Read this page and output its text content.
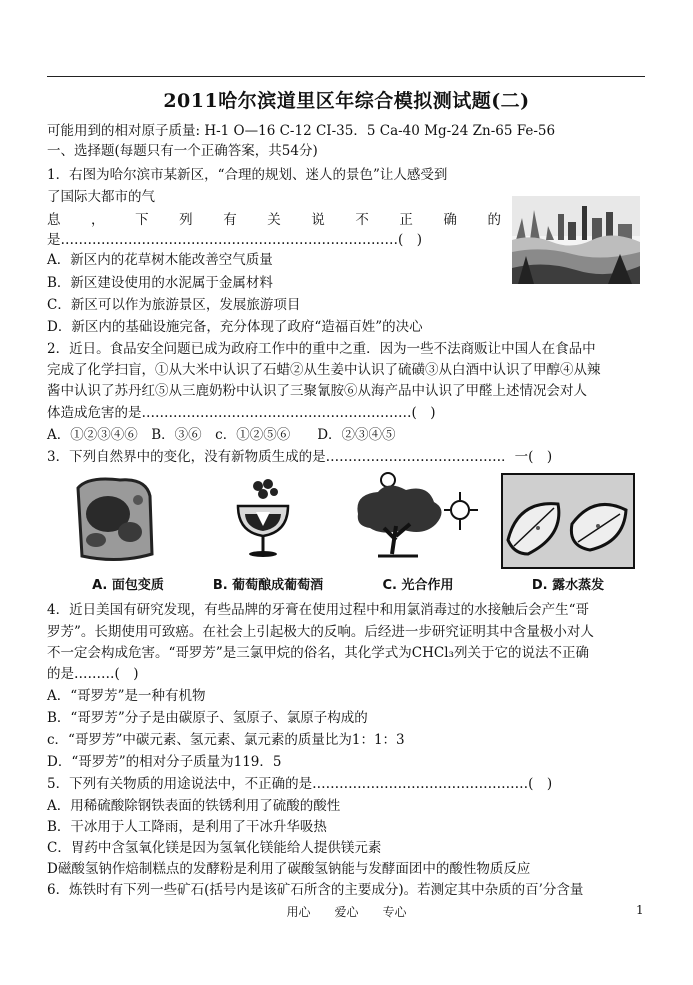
2011哈尔滨道里区年综合模拟测试题(二)
可能用到的相对原子质量: H-1 O—16 C-12 CI-35．5 Ca-40 Mg-24 Zn-65 Fe-56
一、选择题(每题只有一个正确答案，共54分)
1．右图为哈尔滨市某新区，“合理的规划、迷人的景色”让人感受到
了国际大都市的气
息 ， 下 列 有 关 说 不 正 确 的
是…………………………………………………………………(　)
A．新区内的花草树木能改善空气质量
B．新区建设使用的水泥属于金属材料
C．新区可以作为旅游景区，发展旅游项目
D．新区内的基础设施完备，充分体现了政府“造福百姓”的决心
2．近日。食品安全问题已成为政府工作中的重中之重．因为一些不法商贩让中国人在食品中
完成了化学扫盲，①从大米中认识了石蜡②从生姜中认识了硫磺③从白酒中认识了甲醇④从辣
酱中认识了苏丹红⑤从三鹿奶粉中认识了三聚氰胺⑥从海产品中认识了甲醛上述情况会对人
体造成危害的是……………………………………………………(　)
A．①②③④⑥　B．③⑥　c．①②⑤⑥　　D．②③④⑤
3．下列自然界中的变化，没有新物质生成的是…………………………………．一(　)
A. 面包变质	B. 葡萄酿成葡萄酒	C. 光合作用	D. 露水蒸发
4．近日美国有研究发现，有些品牌的牙膏在使用过程中和用氯消毒过的水接触后会产生“哥
罗芳”。长期使用可致癌。在社会上引起极大的反响。后经进一步研究证明其中含量极小对人
不一定会构成危害。“哥罗芳”是三氯甲烷的俗名，其化学式为CHCl₃列关于它的说法不正确
的是………(　)
A．“哥罗芳”是一种有机物
B．“哥罗芳”分子是由碳原子、氢原子、氯原子构成的
c．“哥罗芳”中碳元素、氢元素、氯元素的质量比为1：1：3
D．“哥罗芳”的相对分子质量为119．5
5．下列有关物质的用途说法中，不正确的是…………………………………………(　)
A．用稀硫酸除钢铁表面的铁锈利用了硫酸的酸性
B．干冰用于人工降雨，是利用了干冰升华吸热
C．胃药中含氢氧化镁是因为氢氧化镁能给人提供镁元素
D磁酸氢钠作焙制糕点的发酵粉是利用了碳酸氢钠能与发酵面团中的酸性物质反应
6．炼铁时有下列一些矿石(括号内是该矿石所含的主要成分)。若测定其中杂质的百’分含量
用心　　爱心　　专心	1
